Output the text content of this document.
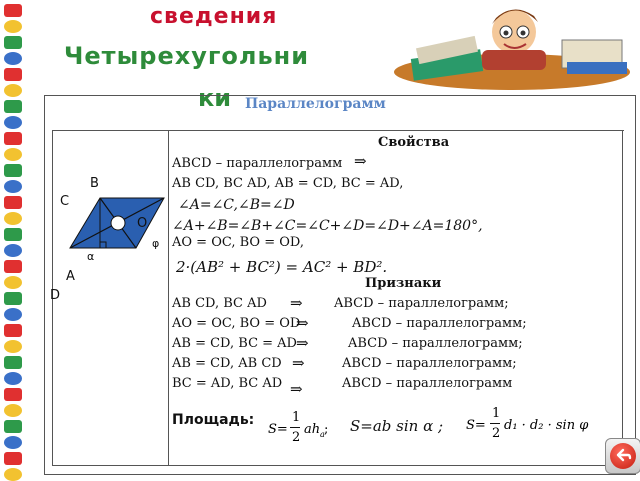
сведения
Четырехугольни
ки Параллелограмм
B
C
O
φ
α
A
D
Свойства
ABCD – параллелограмм ⇒
AB CD, BC AD, AB = CD, BC = AD,
∠A=∠C,∠B=∠D
∠A+∠B=∠B+∠C=∠C+∠D=∠D+∠A=180°,
AO = OC, BO = OD,
2·(AB² + BC²) = AC² + BD².
Признаки
AB CD, BC AD ⇒ ABCD – параллелограмм;
AO = OC, BO = OD
⇒	ABCD – параллелограмм;
AB = CD, BC = AD ⇒	ABCD – параллелограмм;
AB = CD, AB CD ⇒	ABCD – параллелограмм;
BC = AD, BC AD ⇒	ABCD – параллелограмм
Площадь:
S=
1
2
ah a ; S=ab sin α ; S=
1
2
d₁ · d₂ · sin φ
